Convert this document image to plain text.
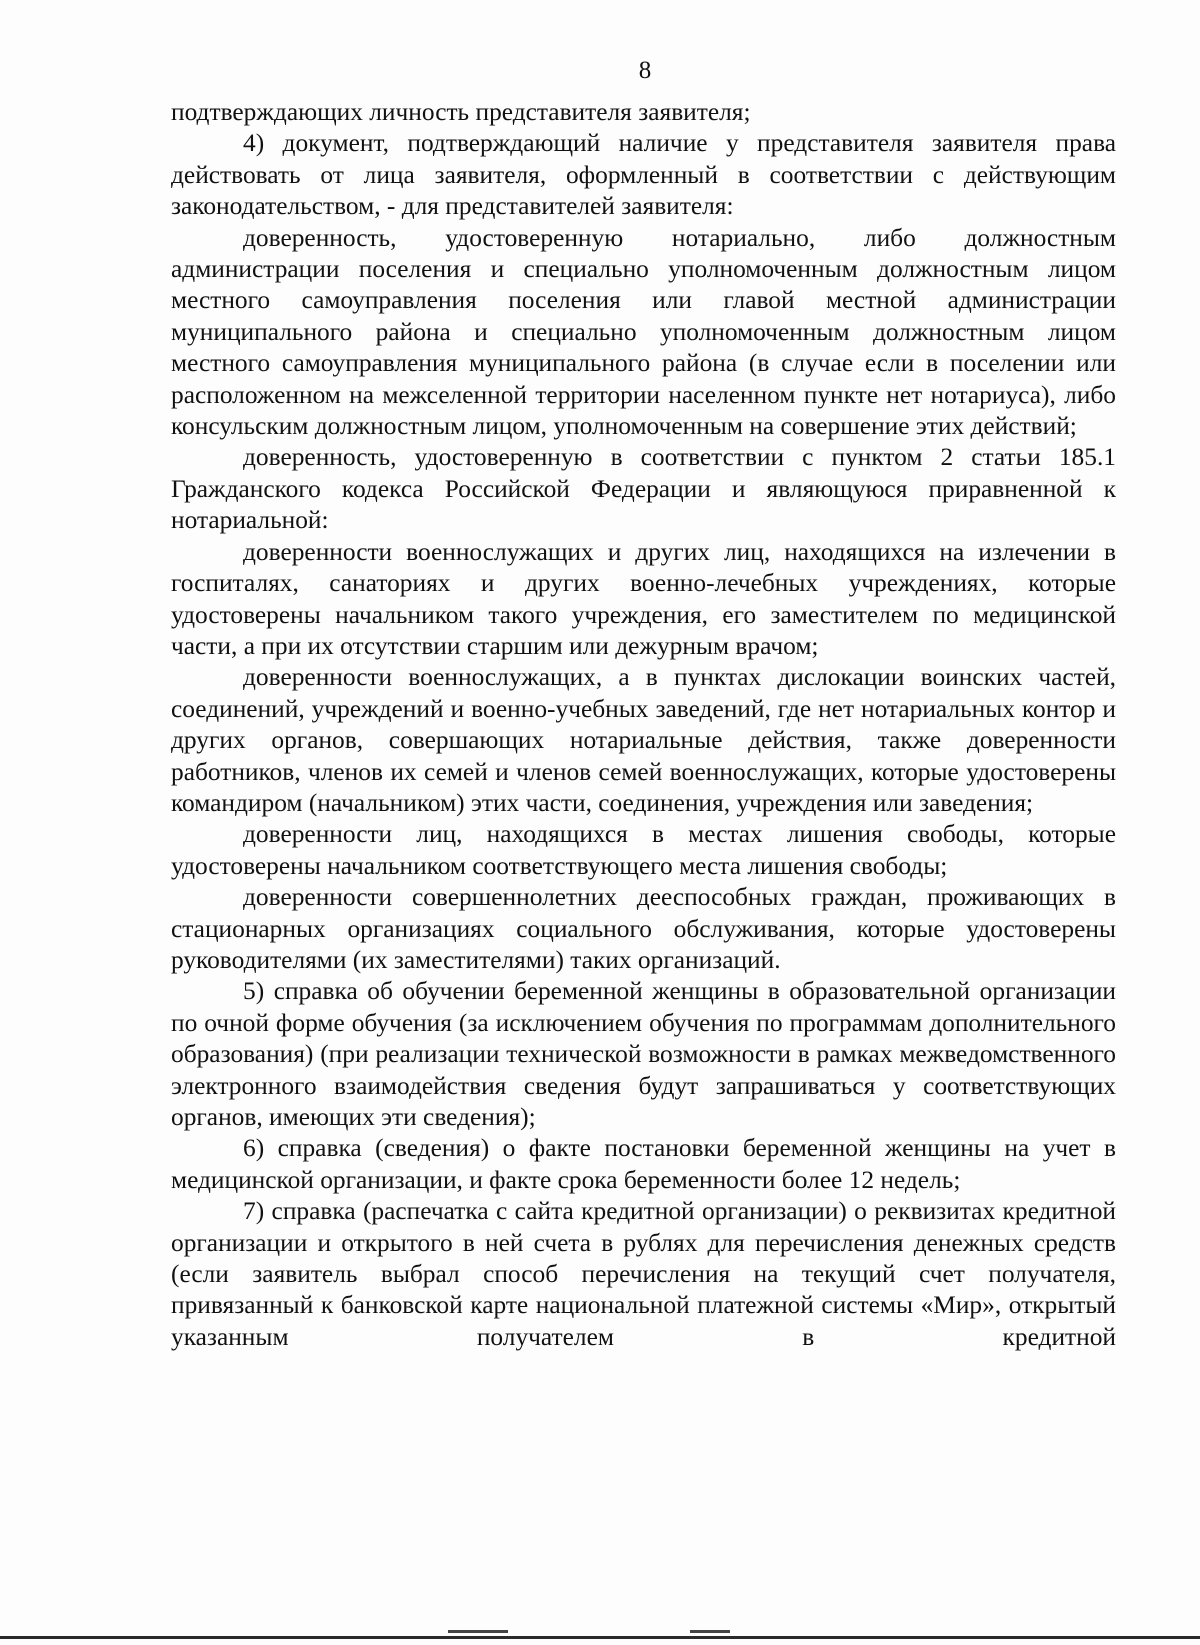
8

подтверждающих личность представителя заявителя;

4) документ, подтверждающий наличие у представителя заявителя права действовать от лица заявителя, оформленный в соответствии с действующим законодательством, - для представителей заявителя:

доверенность, удостоверенную нотариально, либо должностным администрации поселения и специально уполномоченным должностным лицом местного самоуправления поселения или главой местной администрации муниципального района и специально уполномоченным должностным лицом местного самоуправления муниципального района (в случае если в поселении или расположенном на межселенной территории населенном пункте нет нотариуса), либо консульским должностным лицом, уполномоченным на совершение этих действий;

доверенность, удостоверенную в соответствии с пунктом 2 статьи 185.1 Гражданского кодекса Российской Федерации и являющуюся приравненной к нотариальной:

доверенности военнослужащих и других лиц, находящихся на излечении в госпиталях, санаториях и других военно-лечебных учреждениях, которые удостоверены начальником такого учреждения, его заместителем по медицинской части, а при их отсутствии старшим или дежурным врачом;

доверенности военнослужащих, а в пунктах дислокации воинских частей, соединений, учреждений и военно-учебных заведений, где нет нотариальных контор и других органов, совершающих нотариальные действия, также доверенности работников, членов их семей и членов семей военнослужащих, которые удостоверены командиром (начальником) этих части, соединения, учреждения или заведения;

доверенности лиц, находящихся в местах лишения свободы, которые удостоверены начальником соответствующего места лишения свободы;

доверенности совершеннолетних дееспособных граждан, проживающих в стационарных организациях социального обслуживания, которые удостоверены руководителями (их заместителями) таких организаций.

5) справка об обучении беременной женщины в образовательной организации по очной форме обучения (за исключением обучения по программам дополнительного образования) (при реализации технической возможности в рамках межведомственного электронного взаимодействия сведения будут запрашиваться у соответствующих органов, имеющих эти сведения);

6) справка (сведения) о факте постановки беременной женщины на учет в медицинской организации, и факте срока беременности более 12 недель;

7) справка (распечатка с сайта кредитной организации) о реквизитах кредитной организации и открытого в ней счета в рублях для перечисления денежных средств (если заявитель выбрал способ перечисления на текущий счет получателя, привязанный к банковской карте национальной платежной системы «Мир», открытый указанным получателем в кредитной
